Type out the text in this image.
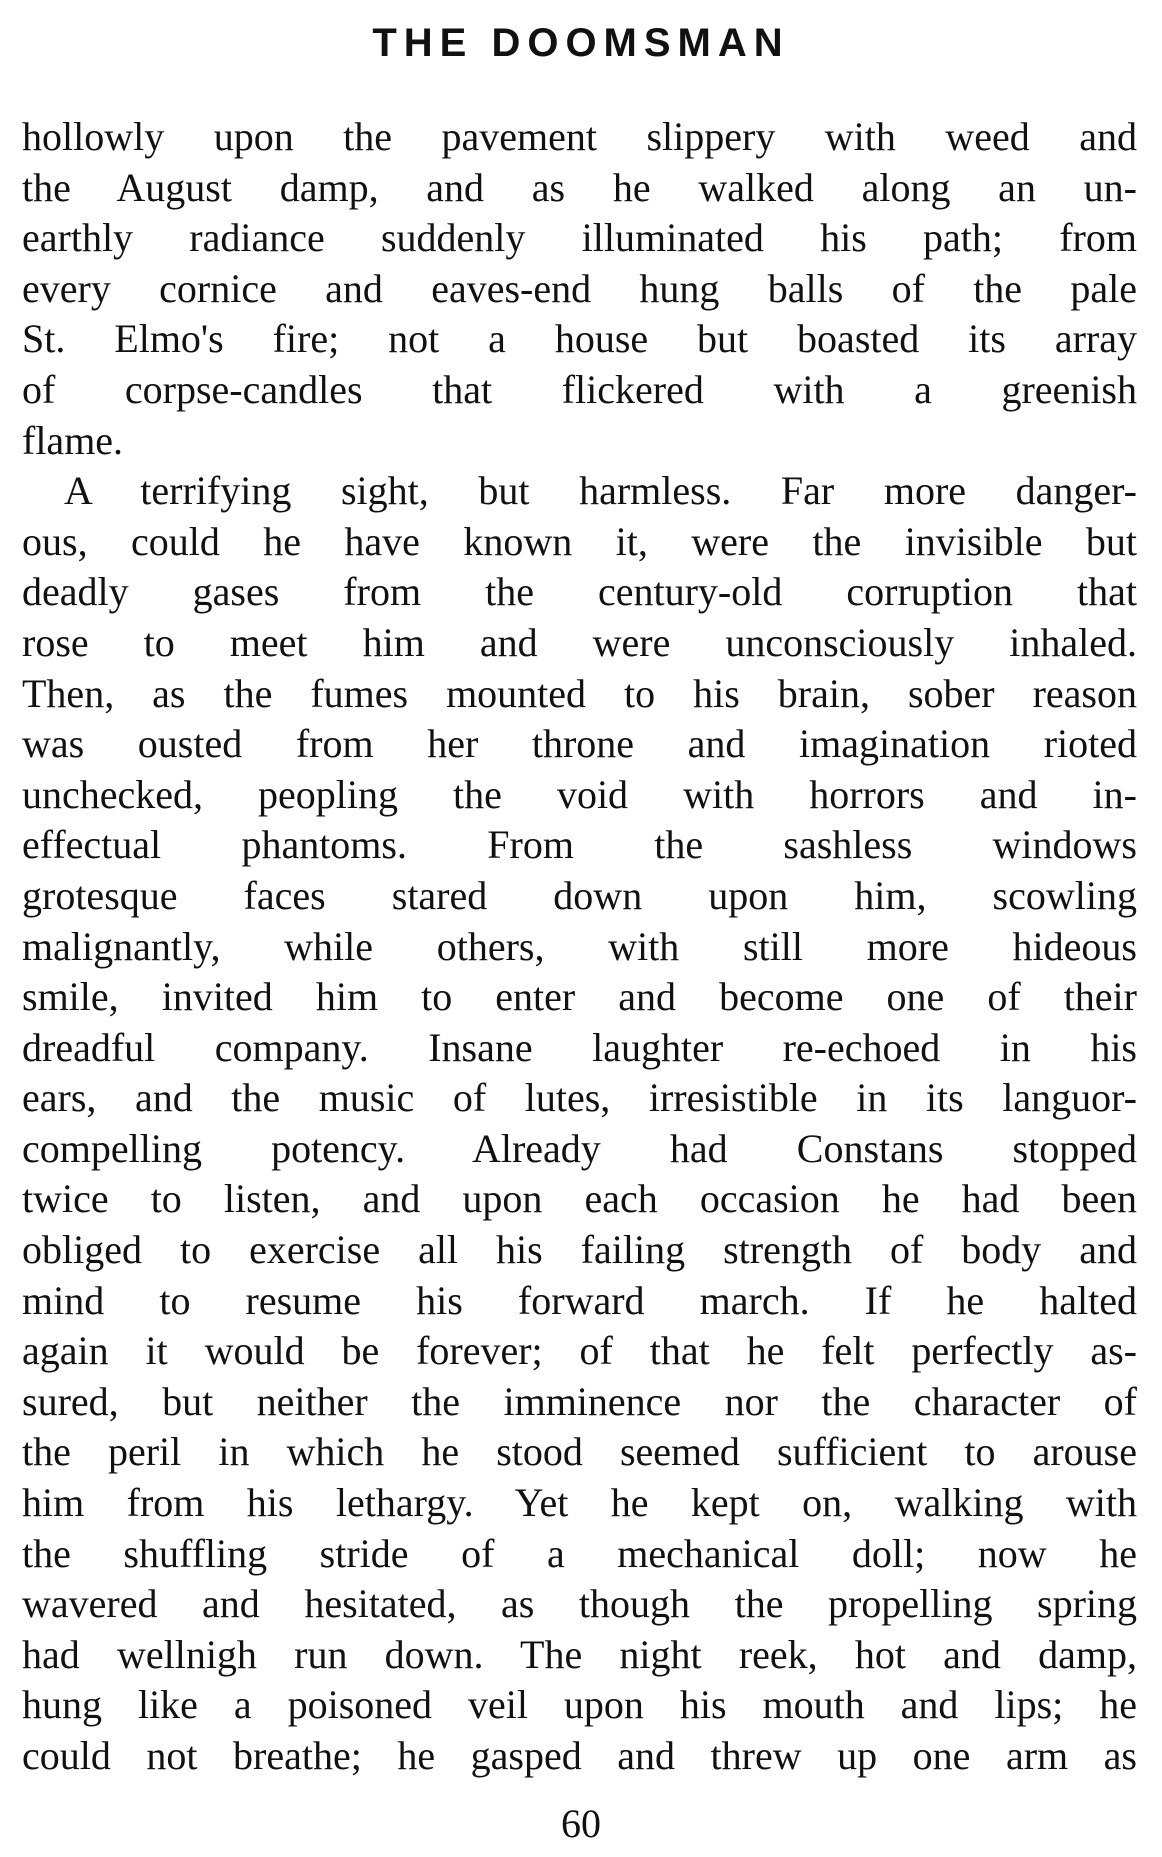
THE DOOMSMAN

hollowly upon the pavement slippery with weed and
the August damp, and as he walked along an un-
earthly radiance suddenly illuminated his path; from
every cornice and eaves-end hung balls of the pale
St. Elmo's fire; not a house but boasted its array
of corpse-candles that flickered with a greenish
flame.

A terrifying sight, but harmless. Far more danger-
ous, could he have known it, were the invisible but
deadly gases from the century-old corruption that
rose to meet him and were unconsciously inhaled.
Then, as the fumes mounted to his brain, sober reason
was ousted from her throne and imagination rioted
unchecked, peopling the void with horrors and in-
effectual phantoms. From the sashless windows
grotesque faces stared down upon him, scowling
malignantly, while others, with still more hideous
smile, invited him to enter and become one of their
dreadful company. Insane laughter re-echoed in his
ears, and the music of lutes, irresistible in its languor-
compelling potency. Already had Constans stopped
twice to listen, and upon each occasion he had been
obliged to exercise all his failing strength of body and
mind to resume his forward march. If he halted
again it would be forever; of that he felt perfectly as-
sured, but neither the imminence nor the character of
the peril in which he stood seemed sufficient to arouse
him from his lethargy. Yet he kept on, walking with
the shuffling stride of a mechanical doll; now he
wavered and hesitated, as though the propelling spring
had wellnigh run down. The night reek, hot and damp,
hung like a poisoned veil upon his mouth and lips; he
could not breathe; he gasped and threw up one arm as

60
